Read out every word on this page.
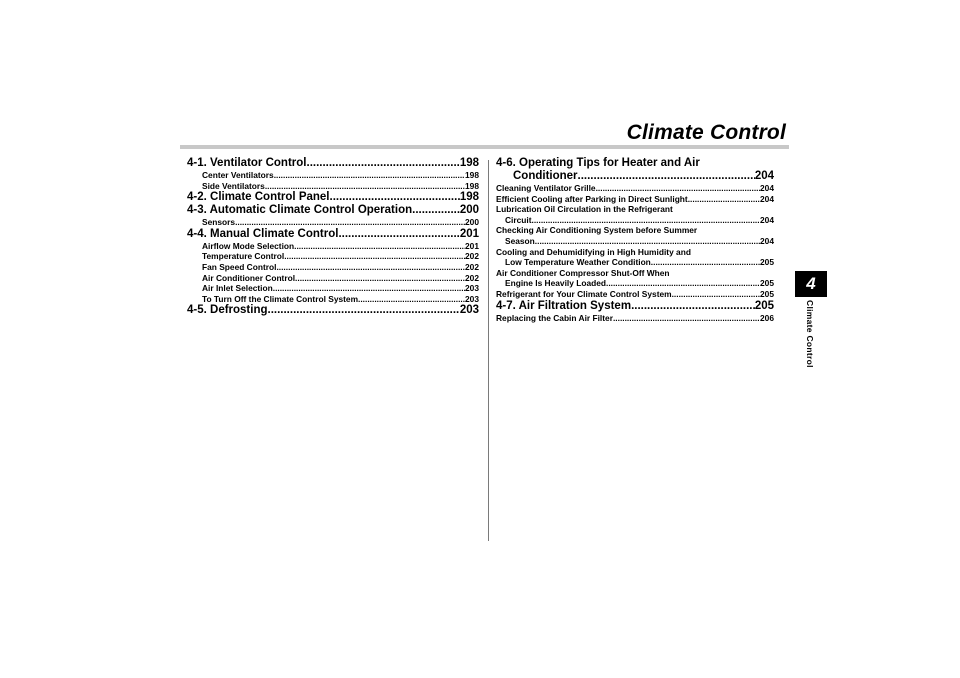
Climate Control
4
Climate Control
4-1. Ventilator Control .....	198
Center Ventilators .....	198
Side Ventilators .....	198
4-2. Climate Control Panel .....	198
4-3. Automatic Climate Control Operation .....	200
Sensors .....	200
4-4. Manual Climate Control .....	201
Airflow Mode Selection .....	201
Temperature Control .....	202
Fan Speed Control .....	202
Air Conditioner Control .....	202
Air Inlet Selection .....	203
To Turn Off the Climate Control System .....	203
4-5. Defrosting .....	203
4-6. Operating Tips for Heater and Air
Conditioner .....	204
Cleaning Ventilator Grille .....	204
Efficient Cooling after Parking in Direct Sunlight .....	204
Lubrication Oil Circulation in the Refrigerant
Circuit .....	204
Checking Air Conditioning System before Summer
Season .....	204
Cooling and Dehumidifying in High Humidity and
Low Temperature Weather Condition .....	205
Air Conditioner Compressor Shut-Off When
Engine Is Heavily Loaded .....	205
Refrigerant for Your Climate Control System .....	205
4-7. Air Filtration System .....	205
Replacing the Cabin Air Filter .....	206
